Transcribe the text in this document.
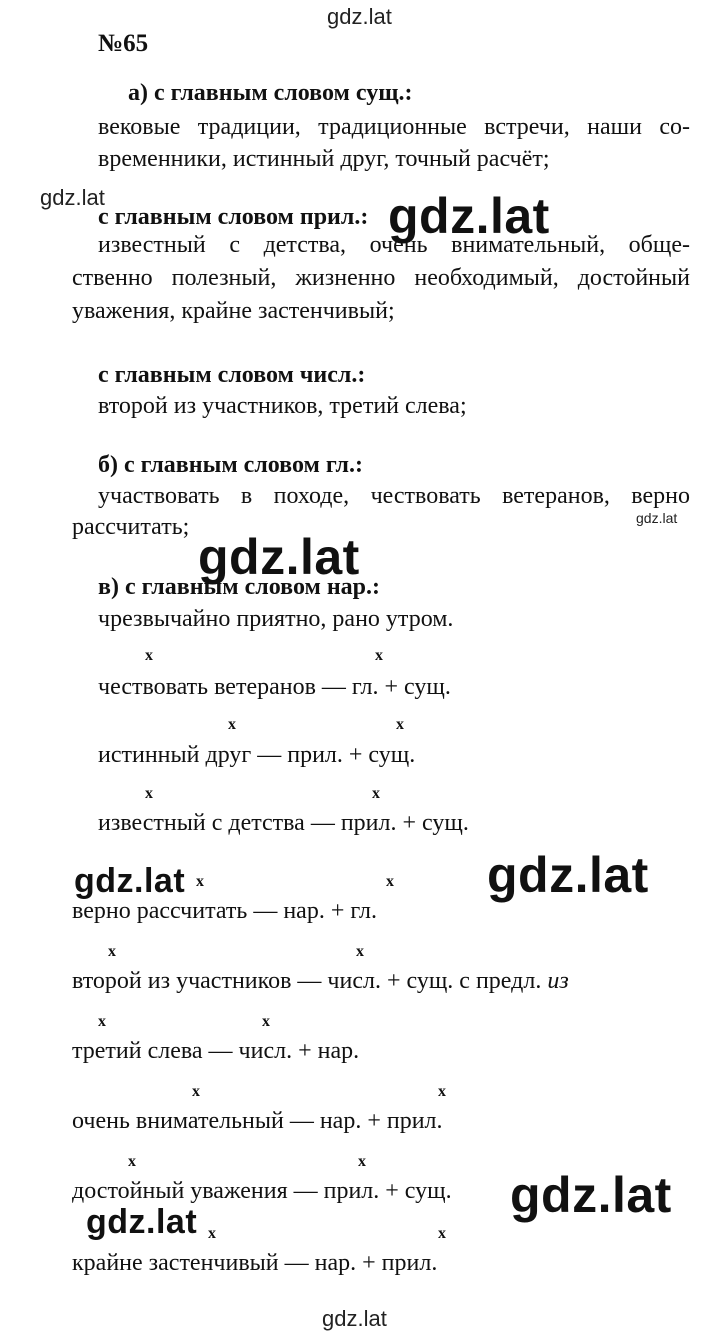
gdz.lat
gdz.lat
gdz.lat
gdz.lat
№65
а) с главным словом сущ.:
вековые традиции, традиционные встречи, наши со-
временники, истинный друг, точный расчёт;
с главным словом прил.:
известный с детства, очень внимательный, обще-
ственно полезный, жизненно необходимый, достойный
уважения, крайне застенчивый;
с главным словом числ.:
второй из участников, третий слева;
б) с главным словом гл.:
участвовать в походе, чествовать ветеранов, верно
рассчитать;
в) с главным словом нар.:
чрезвычайно приятно, рано утром.
gdz.lat
gdz.lat
x	x
чествовать ветеранов — гл. + сущ.
x	x
истинный друг — прил. + сущ.
x	x
известный с детства — прил. + сущ.
x	x
верно рассчитать — нар. + гл.
x	x
второй из участников — числ. + сущ. с предл. из
x	x
третий слева — числ. + нар.
x	x
очень внимательный — нар. + прил.
x	x
достойный уважения — прил. + сущ.
x	x
крайне застенчивый — нар. + прил.
gdz.lat	gdz.lat
gdz.lat
gdz.lat
